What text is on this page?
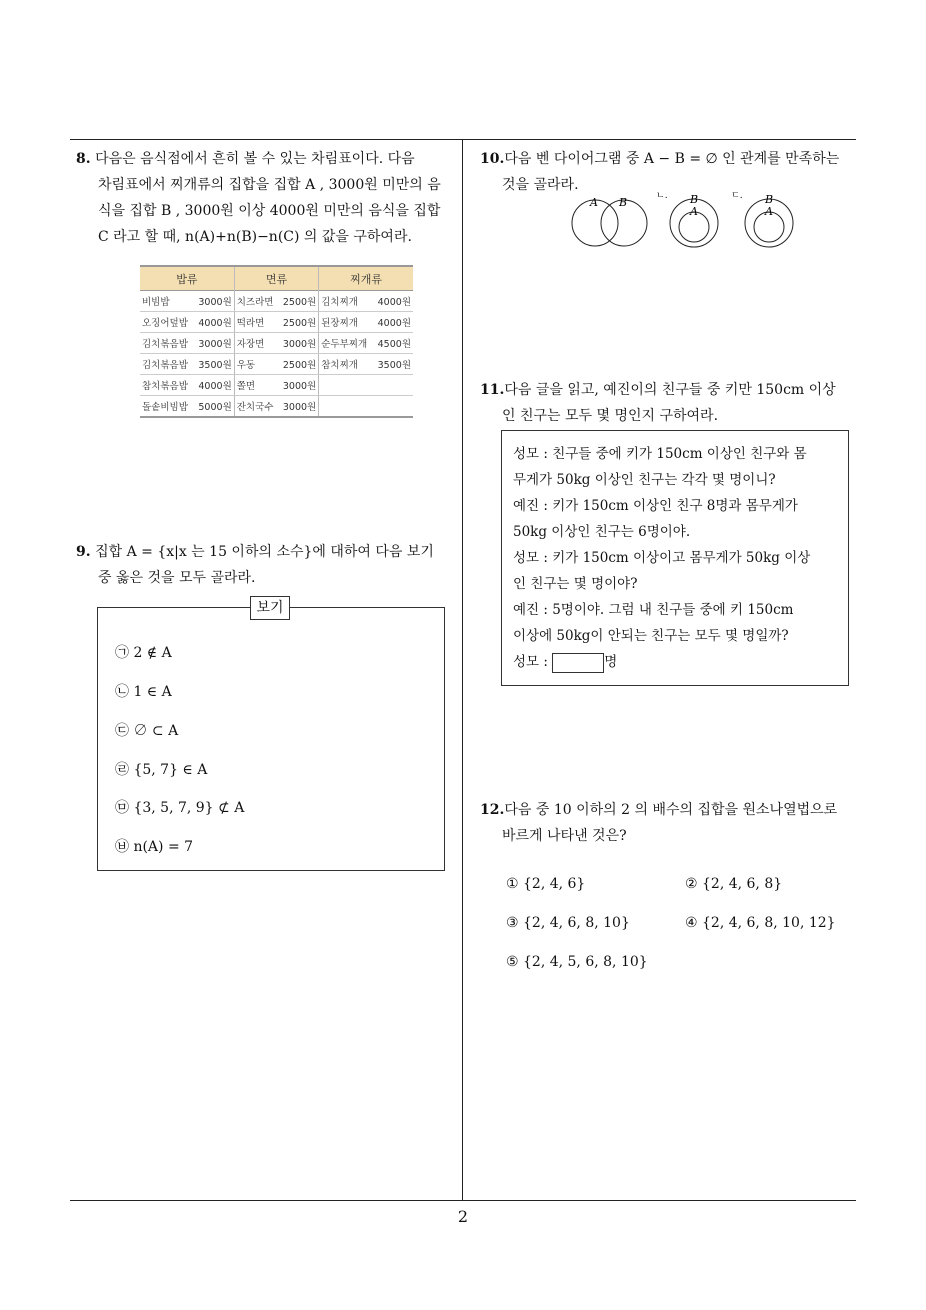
8. 다음은 음식점에서 흔히 볼 수 있는 차림표이다. 다음
차림표에서 찌개류의 집합을 집합 A , 3000원 미만의 음
식을 집합 B , 3000원 이상 4000원 미만의 음식을 집합
C 라고 할 때, n(A)+n(B)−n(C) 의 값을 구하여라.
밥류	면류	찌개류

비빔밥 3000원	치즈라면 2500원	김치찌개 4000원

오징어덮밥 4000원	떡라면 2500원	된장찌개 4000원

김치볶음밥 3000원	자장면 3000원	순두부찌개 4500원

김치볶음밥 3500원	우동 2500원	참치찌개 3500원

참치볶음밥 4000원	쫄면 3000원	

돌솥비빔밥 5000원	잔치국수 3000원	

9. 집합 A = {x|x 는 15 이하의 소수}에 대하여 다음 보기
중 옳은 것을 모두 골라라.
보기
㉠ 2 ∉ A
㉡ 1 ∈ A
㉢ ∅ ⊂ A
㉣ {5, 7} ∈ A
㉤ {3, 5, 7, 9} ⊄ A
㉥ n(A) = 7
10.다음 벤 다이어그램 중 A − B = ∅ 인 관계를 만족하는
것을 골라라.
A B	ㄴ. B
A
ㄷ. B
A
11.다음 글을 읽고, 예진이의 친구들 중 키만 150cm 이상
인 친구는 모두 몇 명인지 구하여라.
성모 : 친구들 중에 키가 150cm 이상인 친구와 몸
무게가 50kg 이상인 친구는 각각 몇 명이니?
예진 : 키가 150cm 이상인 친구 8명과 몸무게가
50kg 이상인 친구는 6명이야.
성모 : 키가 150cm 이상이고 몸무게가 50kg 이상
인 친구는 몇 명이야?
예진 : 5명이야. 그럼 내 친구들 중에 키 150cm
이상에 50kg이 안되는 친구는 모두 몇 명일까?
성모 :	명
12.다음 중 10 이하의 2 의 배수의 집합을 원소나열법으로
바르게 나타낸 것은?
① {2, 4, 6}	② {2, 4, 6, 8}
③ {2, 4, 6, 8, 10}	④ {2, 4, 6, 8, 10, 12}
⑤ {2, 4, 5, 6, 8, 10}
2
